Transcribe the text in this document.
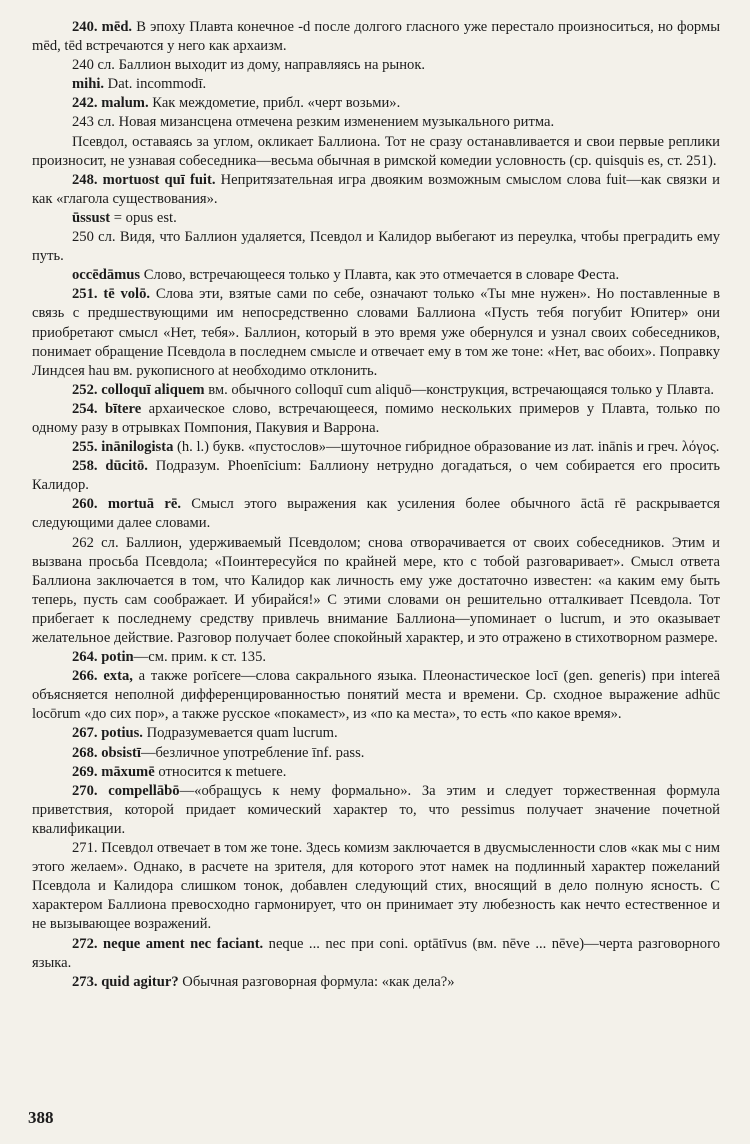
240. mēd. В эпоху Плавта конечное -d после долгого гласного уже перестало произноситься, но формы mēd, tēd встречаются у него как архаизм.

240 сл. Баллион выходит из дому, направляясь на рынок.

mihi. Dat. incommodī.

242. malum. Как междометие, прибл. «черт возьми».

243 сл. Новая мизансцена отмечена резким изменением музыкального ритма.

Псевдол, оставаясь за углом, окликает Баллиона. Тот не сразу останавливается и свои первые реплики произносит, не узнавая собеседника—весьма обычная в римской комедии условность (ср. quisquis es, ст. 251).

248. mortuost quī fuit. Непритязательная игра двояким возможным смыслом слова fuit—как связки и как «глагола существования».

ūssust = opus est.

250 сл. Видя, что Баллион удаляется, Псевдол и Калидор выбегают из переулка, чтобы преградить ему путь.

occēdāmus Слово, встречающееся только у Плавта, как это отмечается в словаре Феста.

251. tē volō. Слова эти, взятые сами по себе, означают только «Ты мне нужен». Но поставленные в связь с предшествующими им непосредственно словами Баллиона «Пусть тебя погубит Юпитер» они приобретают смысл «Нет, тебя». Баллион, который в это время уже обернулся и узнал своих собеседников, понимает обращение Псевдола в последнем смысле и отвечает ему в том же тоне: «Нет, вас обоих». Поправку Линдсея hau вм. рукописного at необходимо отклонить.

252. colloquī aliquem вм. обычного colloquī cum aliquō—конструкция, встречающаяся только у Плавта.

254. bītere архаическое слово, встречающееся, помимо нескольких примеров у Плавта, только по одному разу в отрывках Помпония, Пакувия и Варрона.

255. inānilogista (h. l.) букв. «пустослов»—шуточное гибридное образование из лат. inānis и греч. λόγος.

258. dūcitō. Подразум. Phoenīcium: Баллиону нетрудно догадаться, о чем собирается его просить Калидор.

260. mortuā rē. Смысл этого выражения как усиления более обычного āctā rē раскрывается следующими далее словами.

262 сл. Баллион, удерживаемый Псевдолом; снова отворачивается от своих собеседников. Этим и вызвана просьба Псевдола; «Поинтересуйся по крайней мере, кто с тобой разговаривает». Смысл ответа Баллиона заключается в том, что Калидор как личность ему уже достаточно известен: «а каким ему быть теперь, пусть сам соображает. И убирайся!» С этими словами он решительно отталкивает Псевдола. Тот прибегает к последнему средству привлечь внимание Баллиона—упоминает о lucrum, и это оказывает желательное действие. Разговор получает более спокойный характер, и это отражено в стихотворном размере.

264. potin—см. прим. к ст. 135.

266. exta, а также porīcere—слова сакрального языка. Плеонастическое locī (gen. generis) при intereā объясняется неполной дифференцированностью понятий места и времени. Ср. сходное выражение adhūc locōrum «до сих пор», а также русское «покамест», из «по ка места», то есть «по какое время».

267. potius. Подразумевается quam lucrum.

268. obsistī—безличное употребление īnf. pass.

269. māxumē относится к metuere.

270. compellābō—«обращусь к нему формально». За этим и следует торжественная формула приветствия, которой придает комический характер то, что pessimus получает значение почетной квалификации.

271. Псевдол отвечает в том же тоне. Здесь комизм заключается в двусмысленности слов «как мы с ним этого желаем». Однако, в расчете на зрителя, для которого этот намек на подлинный характер пожеланий Псевдола и Калидора слишком тонок, добавлен следующий стих, вносящий в дело полную ясность. С характером Баллиона превосходно гармонирует, что он принимает эту любезность как нечто естественное и не вызывающее возражений.

272. neque ament nec faciant. neque ... nec при coni. optātīvus (вм. nēve ... nēve)—черта разговорного языка.

273. quid agitur? Обычная разговорная формула: «как дела?»

388
